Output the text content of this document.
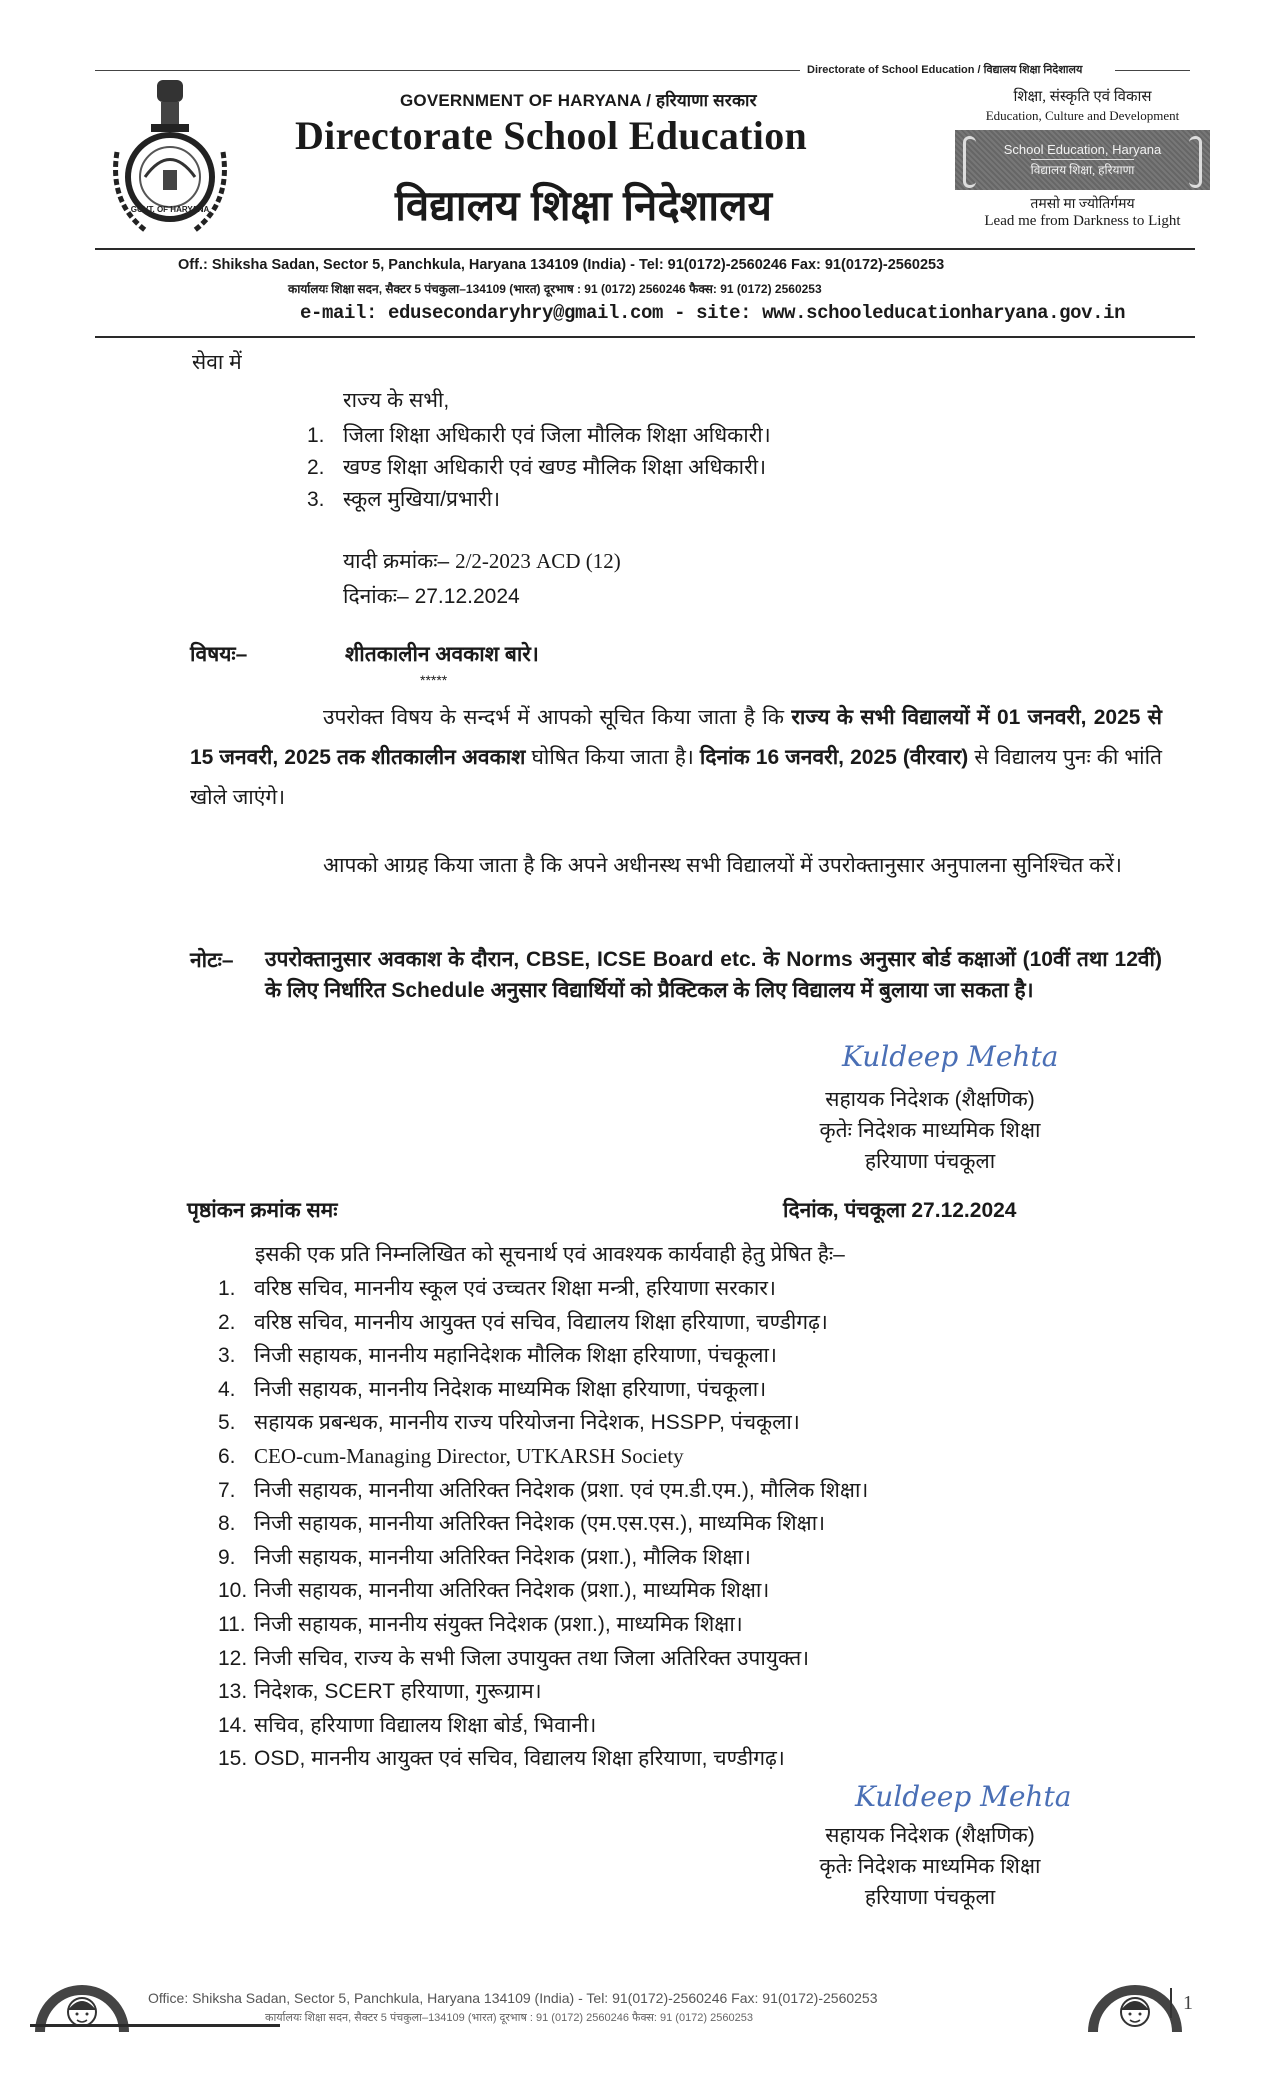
Directorate of School Education / विद्यालय शिक्षा निदेशालय
GOVT. OF HARYANA
GOVERNMENT OF HARYANA / हरियाणा सरकार
Directorate School Education
विद्यालय शिक्षा निदेशालय
शिक्षा, संस्कृति एवं विकास
Education, Culture and Development
School Education, Haryana
विद्यालय शिक्षा, हरियाणा
तमसो मा ज्योतिर्गमय
Lead me from Darkness to Light
Off.: Shiksha Sadan, Sector 5, Panchkula, Haryana 134109 (India) - Tel: 91(0172)-2560246 Fax: 91(0172)-2560253
कार्यालयः शिक्षा सदन, सैक्टर 5 पंचकुला–134109 (भारत) दूरभाष : 91 (0172) 2560246 फैक्स: 91 (0172) 2560253
e-mail: edusecondaryhry@gmail.com - site: www.schooleducationharyana.gov.in
सेवा में
राज्य के सभी,
1. जिला शिक्षा अधिकारी एवं जिला मौलिक शिक्षा अधिकारी।
2. खण्ड शिक्षा अधिकारी एवं खण्ड मौलिक शिक्षा अधिकारी।
3. स्कूल मुखिया/प्रभारी।
यादी क्रमांकः– 2/2-2023 ACD (12)
दिनांकः– 27.12.2024
विषयः–	शीतकालीन अवकाश बारे।
*****
उपरोक्त विषय के सन्दर्भ में आपको सूचित किया जाता है कि राज्य के सभी विद्यालयों में 01 जनवरी, 2025 से 15 जनवरी, 2025 तक शीतकालीन अवकाश घोषित किया जाता है। दिनांक 16 जनवरी, 2025 (वीरवार) से विद्यालय पुनः की भांति खोले जाएंगे।
आपको आग्रह किया जाता है कि अपने अधीनस्थ सभी विद्यालयों में उपरोक्तानुसार अनुपालना सुनिश्चित करें।
नोटः– उपरोक्तानुसार अवकाश के दौरान, CBSE, ICSE Board etc. के Norms अनुसार बोर्ड कक्षाओं (10वीं तथा 12वीं) के लिए निर्धारित Schedule अनुसार विद्यार्थियों को प्रैक्टिकल के लिए विद्यालय में बुलाया जा सकता है।
Kuldeep Mehta
सहायक निदेशक (शैक्षणिक)
कृतेः निदेशक माध्यमिक शिक्षा
हरियाणा पंचकूला
पृष्ठांकन क्रमांक समः	दिनांक, पंचकूला 27.12.2024
इसकी एक प्रति निम्नलिखित को सूचनार्थ एवं आवश्यक कार्यवाही हेतु प्रेषित हैः–
1. वरिष्ठ सचिव, माननीय स्कूल एवं उच्चतर शिक्षा मन्त्री, हरियाणा सरकार।
2. वरिष्ठ सचिव, माननीय आयुक्त एवं सचिव, विद्यालय शिक्षा हरियाणा, चण्डीगढ़।
3. निजी सहायक, माननीय महानिदेशक मौलिक शिक्षा हरियाणा, पंचकूला।
4. निजी सहायक, माननीय निदेशक माध्यमिक शिक्षा हरियाणा, पंचकूला।
5. सहायक प्रबन्धक, माननीय राज्य परियोजना निदेशक, HSSPP, पंचकूला।
6. CEO-cum-Managing Director, UTKARSH Society
7. निजी सहायक, माननीया अतिरिक्त निदेशक (प्रशा. एवं एम.डी.एम.), मौलिक शिक्षा।
8. निजी सहायक, माननीया अतिरिक्त निदेशक (एम.एस.एस.), माध्यमिक शिक्षा।
9. निजी सहायक, माननीया अतिरिक्त निदेशक (प्रशा.), मौलिक शिक्षा।
10. निजी सहायक, माननीया अतिरिक्त निदेशक (प्रशा.), माध्यमिक शिक्षा।
11. निजी सहायक, माननीय संयुक्त निदेशक (प्रशा.), माध्यमिक शिक्षा।
12. निजी सचिव, राज्य के सभी जिला उपायुक्त तथा जिला अतिरिक्त उपायुक्त।
13. निदेशक, SCERT हरियाणा, गुरूग्राम।
14. सचिव, हरियाणा विद्यालय शिक्षा बोर्ड, भिवानी।
15. OSD, माननीय आयुक्त एवं सचिव, विद्यालय शिक्षा हरियाणा, चण्डीगढ़।
Kuldeep Mehta
सहायक निदेशक (शैक्षणिक)
कृतेः निदेशक माध्यमिक शिक्षा
हरियाणा पंचकूला
Office: Shiksha Sadan, Sector 5, Panchkula, Haryana 134109 (India) - Tel: 91(0172)-2560246 Fax: 91(0172)-2560253
कार्यालयः शिक्षा सदन, सैक्टर 5 पंचकुला–134109 (भारत) दूरभाष : 91 (0172) 2560246 फैक्स: 91 (0172) 2560253
1
